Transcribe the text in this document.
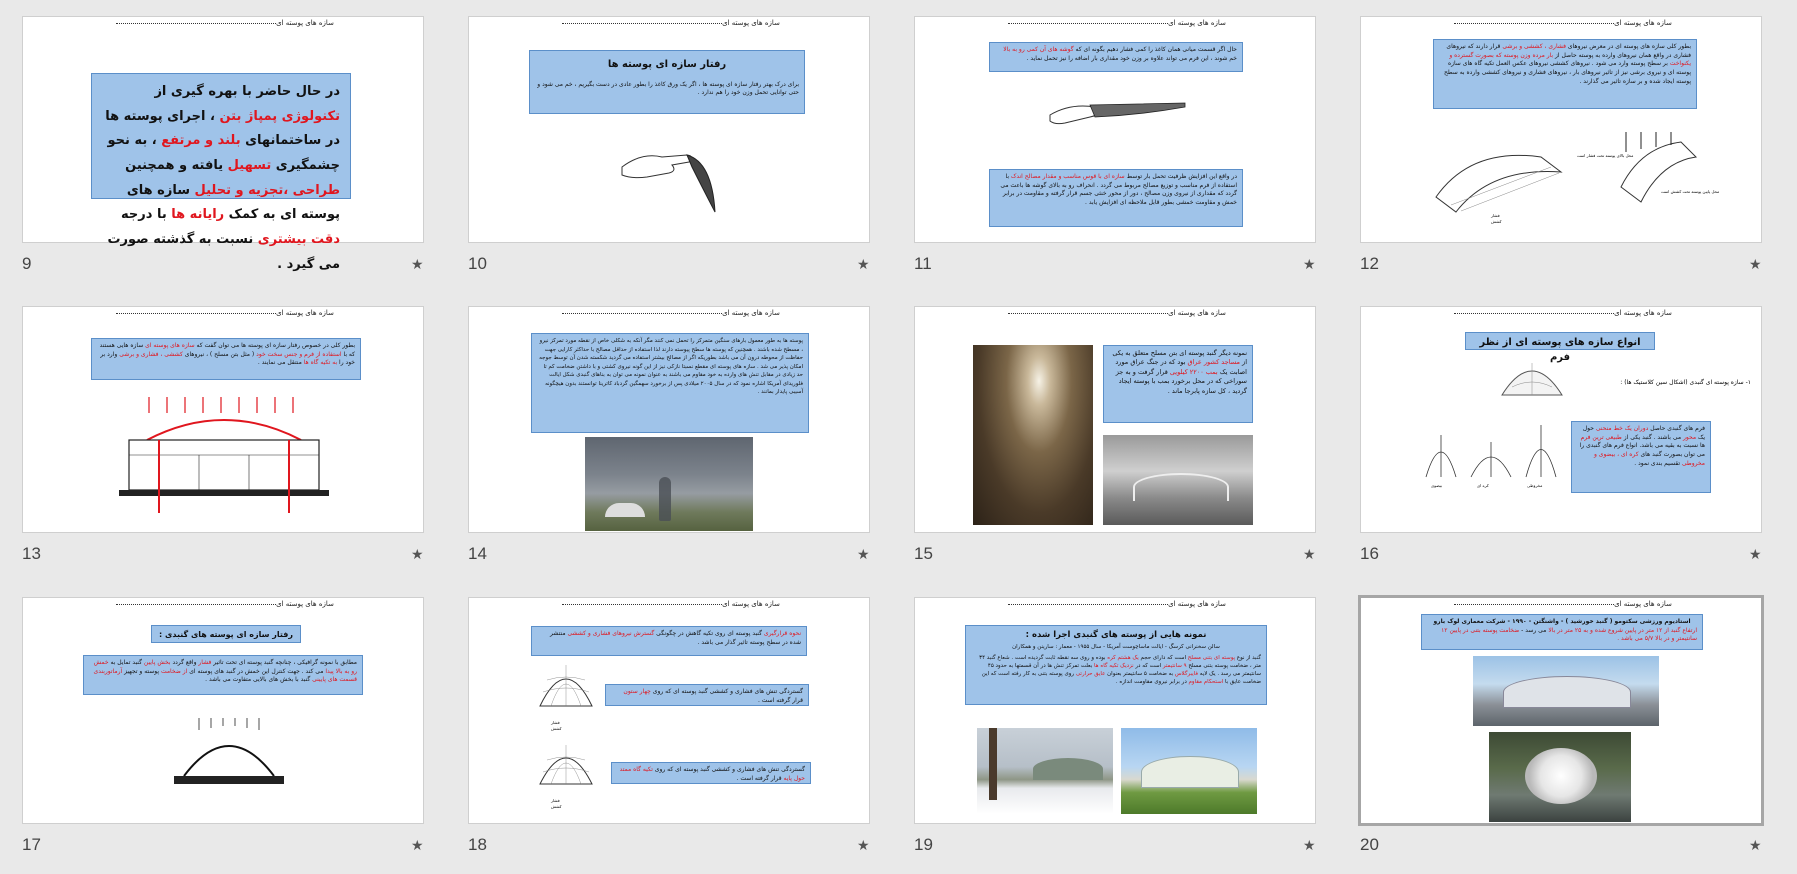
سازه های پوسته ای
در حال حاضر با بهره گیری از تکنولوژی پمپاژ بتن ، اجرای پوسته ها در ساختمانهای بلند و مرتفع ، به نحو چشمگیری تسهیل یافته و همچنین طراحی ،تجزیه و تحلیل سازه های پوسته ای به کمک رایانه ها با درجه دقت بیشتری نسبت به گذشته صورت می گیرد .
9	★
سازه های پوسته ای
رفتار سازه ای پوسته ها
برای درک بهتر رفتار سازه ای پوسته ها ، اگر یک ورق کاغذ را بطور عادی در دست بگیریم ، خم می شود و حتی توانایی تحمل وزن خود را هم ندارد .
10	★
سازه های پوسته ای
حال اگر قسمت میانی همان کاغذ را کمی فشار دهیم بگونه ای که گوشه های آن کمی رو به بالا خم شوند ، این فرم می تواند علاوه بر وزن خود مقداری بار اضافه را نیز تحمل نماید .
در واقع این افزایش ظرفیت تحمل بار توسط سازه ای با قوس مناسب و مقدار مصالح اندک با استفاده از فرم مناسب و توزیع مصالح مربوط می گردد . انحراف رو به بالای گوشه ها باعث می گردد که مقداری از نیروی وزن مصالح ، دور از محور خنثی جسم قرار گرفته و مقاومت در برابر خمش و مقاومت خمشی بطور قابل ملاحظه ای افزایش یابد .
11	★
سازه های پوسته ای
بطور کلی سازه های پوسته ای در معرض نیروهای فشاری ، کششی و برشی قرار دارند که نیروهای فشاری در واقع همان نیروهای وارده به پوسته حاصل از بار مرده وزن پوسته که بصورت گسترده و یکنواخت بر سطح پوسته وارد می شود . نیروهای کششی نیروهای عکس العمل تکیه گاه های سازه پوسته ای و نیروی برشی نیز از تاثیر نیروهای بار ، نیروهای فشاری و نیروهای کششی وارده به سطح پوسته ایجاد شده و بر سازه تاثیر می گذارند .
محل بالای پوسته تحت فشار است
محل پایین پوسته تحت کشش است
فشار
کشش
12	★
سازه های پوسته ای
بطور کلی در خصوص رفتار سازه ای پوسته ها می توان گفت که سازه های پوسته ای سازه هایی هستند که با استفاده از فرم و جنس سخت خود ( مثل بتن مسلح ) ، نیروهای کششی ، فشاری و برشی وارد بر خود را به تکیه گاه ها منتقل می نمایند .
13	★
سازه های پوسته ای
پوسته ها به طور معمول بارهای سنگین متمرکز را تحمل نمی کنند مگر آنکه به شکلی خاص از نقطه مورد تمرکز نیرو ، مسطح شده باشند . همچنین که پوسته ها سطح پیوسته دارند لذا استفاده از حداقل مصالح با حداکثر کارایی جهت حفاظت از محوطه درون آن می باشد بطوریکه اگر از مصالح بیشتر استفاده می گردید شکسته شدن آن توسط جوجه امکان پذیر می شد . سازه های پوسته ای مقطع نسبتا نازکی نیز از این گونه نیروی کشتی و با داشتن ضخامت کم تا حد زیادی در مقابل تنش های وارده به خود مقاوم می باشند به عنوان نمونه می توان به بناهای گنبدی شکل ایالت فلوریدای آمریکا اشاره نمود که در سال ۲۰۰۵ میلادی پس از برخورد سهمگین گردباد کاترینا توانستند بدون هیچگونه آسیبی پایدار بمانند .
14	★
سازه های پوسته ای
نمونه دیگر گنبد پوسته ای بتن مسلح متعلق به یکی از مساجد کشور عراق بود که در جنگ عراق مورد اصابت یک بمب ۲۲۰۰ کیلویی قرار گرفت و به جز سوراخی که در محل برخورد بمب با پوسته ایجاد گردید ، کل سازه پابرجا ماند .
15	★
سازه های پوسته ای
انواع سازه های پوسته ای از نظر فرم
۱- سازه پوسته ای گنبدی (اشکال سین کلاستیک ها) :
بیضوی	کره ای	مخروطی
فرم های گنبدی حاصل دوران یک خط منحنی حول یک محور می باشند . گنبد یکی از طبیعی ترین فرم ها نسبت به بقیه می باشد. انواع فرم های گنبدی را می توان بصورت گنبد های کره ای ، بیضوی و مخروطی تقسیم بندی نمود .
16	★
سازه های پوسته ای
رفتار سازه ای پوسته های گنبدی :
مطابق با نمونه گرافیکی ، چنانچه گنبد پوسته ای تحت تاثیر فشار واقع گردد بخش پایین گنبد تمایل به خمش رو به بالا پیدا می کند . جهت کنترل این خمش در گنبد های پوسته ای از ضخامت پوسته و تجهیز آرماتوربندی قسمت های پایینی گنبد با بخش های بالایی متفاوت می باشد .
17	★
سازه های پوسته ای
نحوه قرارگیری گنبد پوسته ای روی تکیه گاهش در چگونگی گسترش نیروهای فشاری و کششی منتشر شده در سطح پوسته تاثیر گذار می باشد .
فشار
کشش
گستردگی تنش های فشاری و کششی گنبد پوسته ای که روی چهار ستون قرار گرفته است .
فشار
کشش
گستردگی تنش های فشاری و کششی گنبد پوسته ای که روی تکیه گاه ممتد حول پایه قرار گرفته است .
18	★
سازه های پوسته ای
نمونه هایی از پوسته های گنبدی اجرا شده :
سالن سخنرانی کرسگ - ایالت ماساچوست آمریکا - سال ۱۹۵۵ - معمار : سارینن و همکاران
گنبد از نوع پوسته ای بتنی مسلح است که دارای حجم یک هشتم کره بوده و روی سه نقطه ثابت گردیده است . شعاع گنبد ۳۴ متر ، ضخامت پوسته بتنی مسلح ۹ سانتیمتر است که در نزدیک تکیه گاه ها بعلت تمرکز تنش ها در آن قسمتها به حدود ۴۵ سانتیمتر می رسد . یک لایه فایبرگلاس به ضخامت ۵ سانتیمتر بعنوان عایق حرارتی روی پوسته بتنی به کار رفته است که این ضخامت عایق با استحکام مقاوم در برابر نیروی مقاومت اندازه .
19	★
سازه های پوسته ای
استادیوم ورزشی سکتومو ( گنبد خورشید ) - واشنگتن - ۱۹۹۰ - شرکت معماری لوک بارو
ارتفاع گنبد از ۱۲ متر در پایین شروع شده و به ۲۵ متر در بالا می رسد - ضخامت پوسته بتنی در پایین ۱۲ سانتیمتر و در بالا ۵/۷ می باشد .
20	★
